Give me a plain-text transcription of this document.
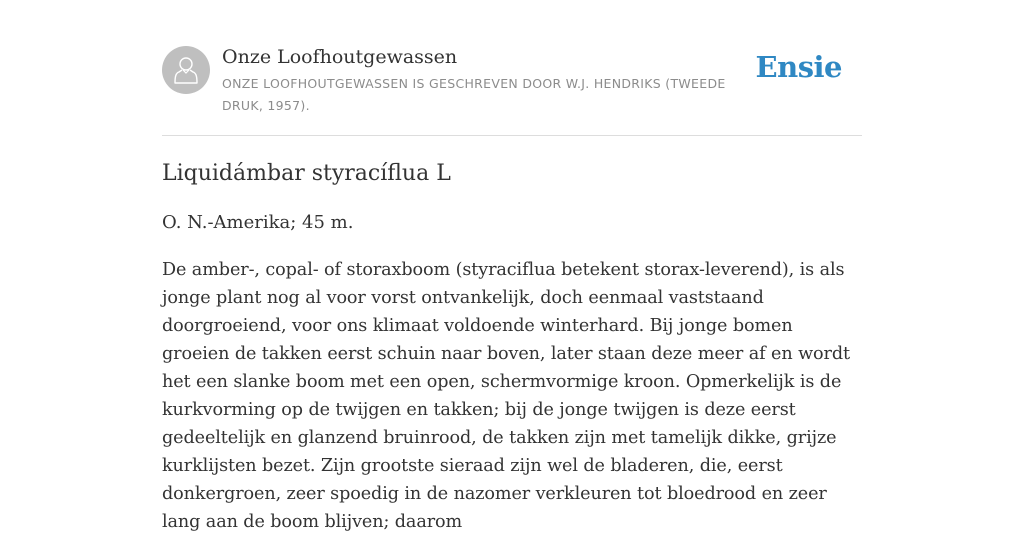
Onze Loofhoutgewassen
ONZE LOOFHOUTGEWASSEN IS GESCHREVEN DOOR W.J. HENDRIKS (TWEEDE DRUK, 1957).
Ensie
Liquidámbar styracíflua L

O. N.-Amerika; 45 m.

De amber-, copal- of storaxboom (styraciflua betekent storax-leverend), is als jonge plant nog al voor vorst ontvankelijk, doch eenmaal vaststaand doorgroeiend, voor ons klimaat voldoende winterhard. Bij jonge bomen groeien de takken eerst schuin naar boven, later staan deze meer af en wordt het een slanke boom met een open, schermvormige kroon. Opmerkelijk is de kurkvorming op de twijgen en takken; bij de jonge twijgen is deze eerst gedeeltelijk en glanzend bruinrood, de takken zijn met tamelijk dikke, grijze kurklijsten bezet. Zijn grootste sieraad zijn wel de bladeren, die, eerst donkergroen, zeer spoedig in de nazomer verkleuren tot bloedrood en zeer lang aan de boom blijven; daarom
